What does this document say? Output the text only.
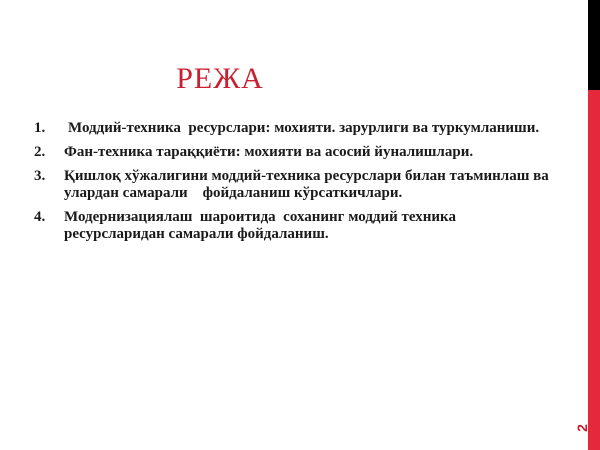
РЕЖА
1.	Моддий-техника  ресурслари: мохияти. зарурлиги ва туркумланиши.
2.	Фан-техника тараққиёти: мохияти ва асосий йуналишлари.
3.	Қишлоқ хўжалигини моддий-техника ресурслари билан таъминлаш ва улардан самарали    фойдаланиш кўрсаткичлари.
4.	Модернизациялаш  шароитида  соханинг моддий техника ресурсларидан самарали фойдаланиш.
2
